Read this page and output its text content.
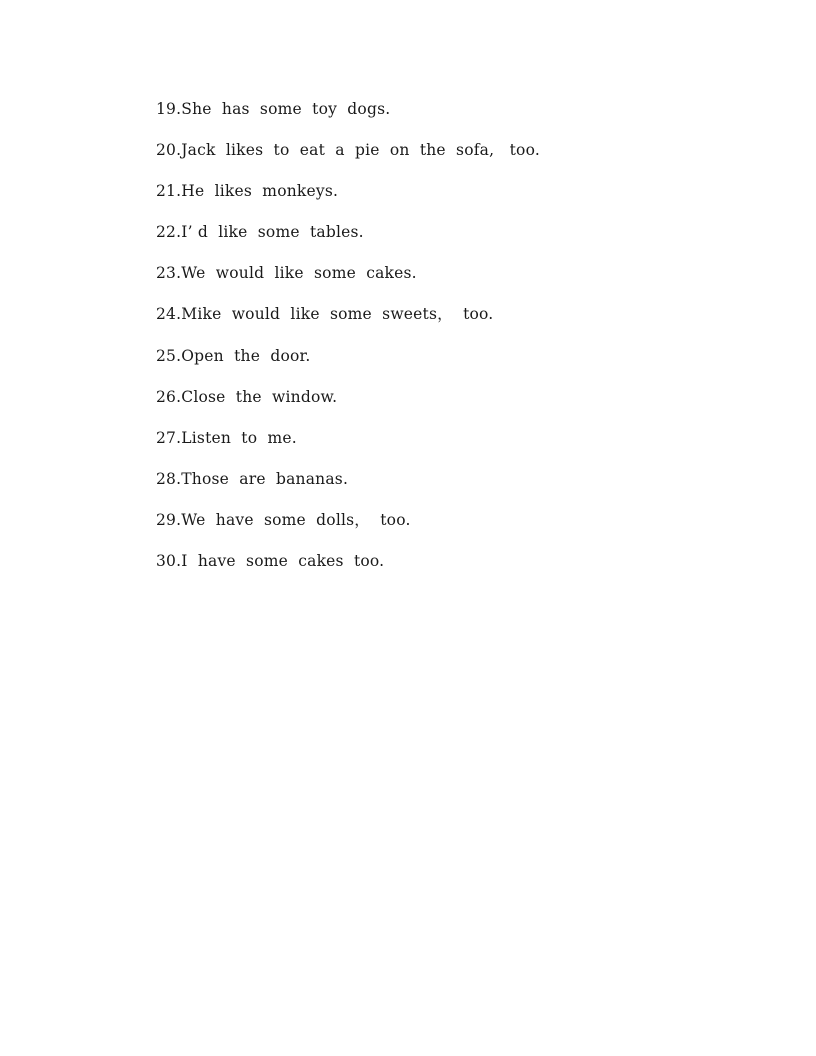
19.She  has  some  toy  dogs.
20.Jack  likes  to  eat  a  pie  on  the  sofa,   too.
21.He  likes  monkeys.
22.I’ d  like  some  tables.
23.We  would  like  some  cakes.
24.Mike  would  like  some  sweets，  too.
25.Open  the  door.
26.Close  the  window.
27.Listen  to  me.
28.Those  are  bananas.
29.We  have  some  dolls，  too.
30.I  have  some  cakes  too.
